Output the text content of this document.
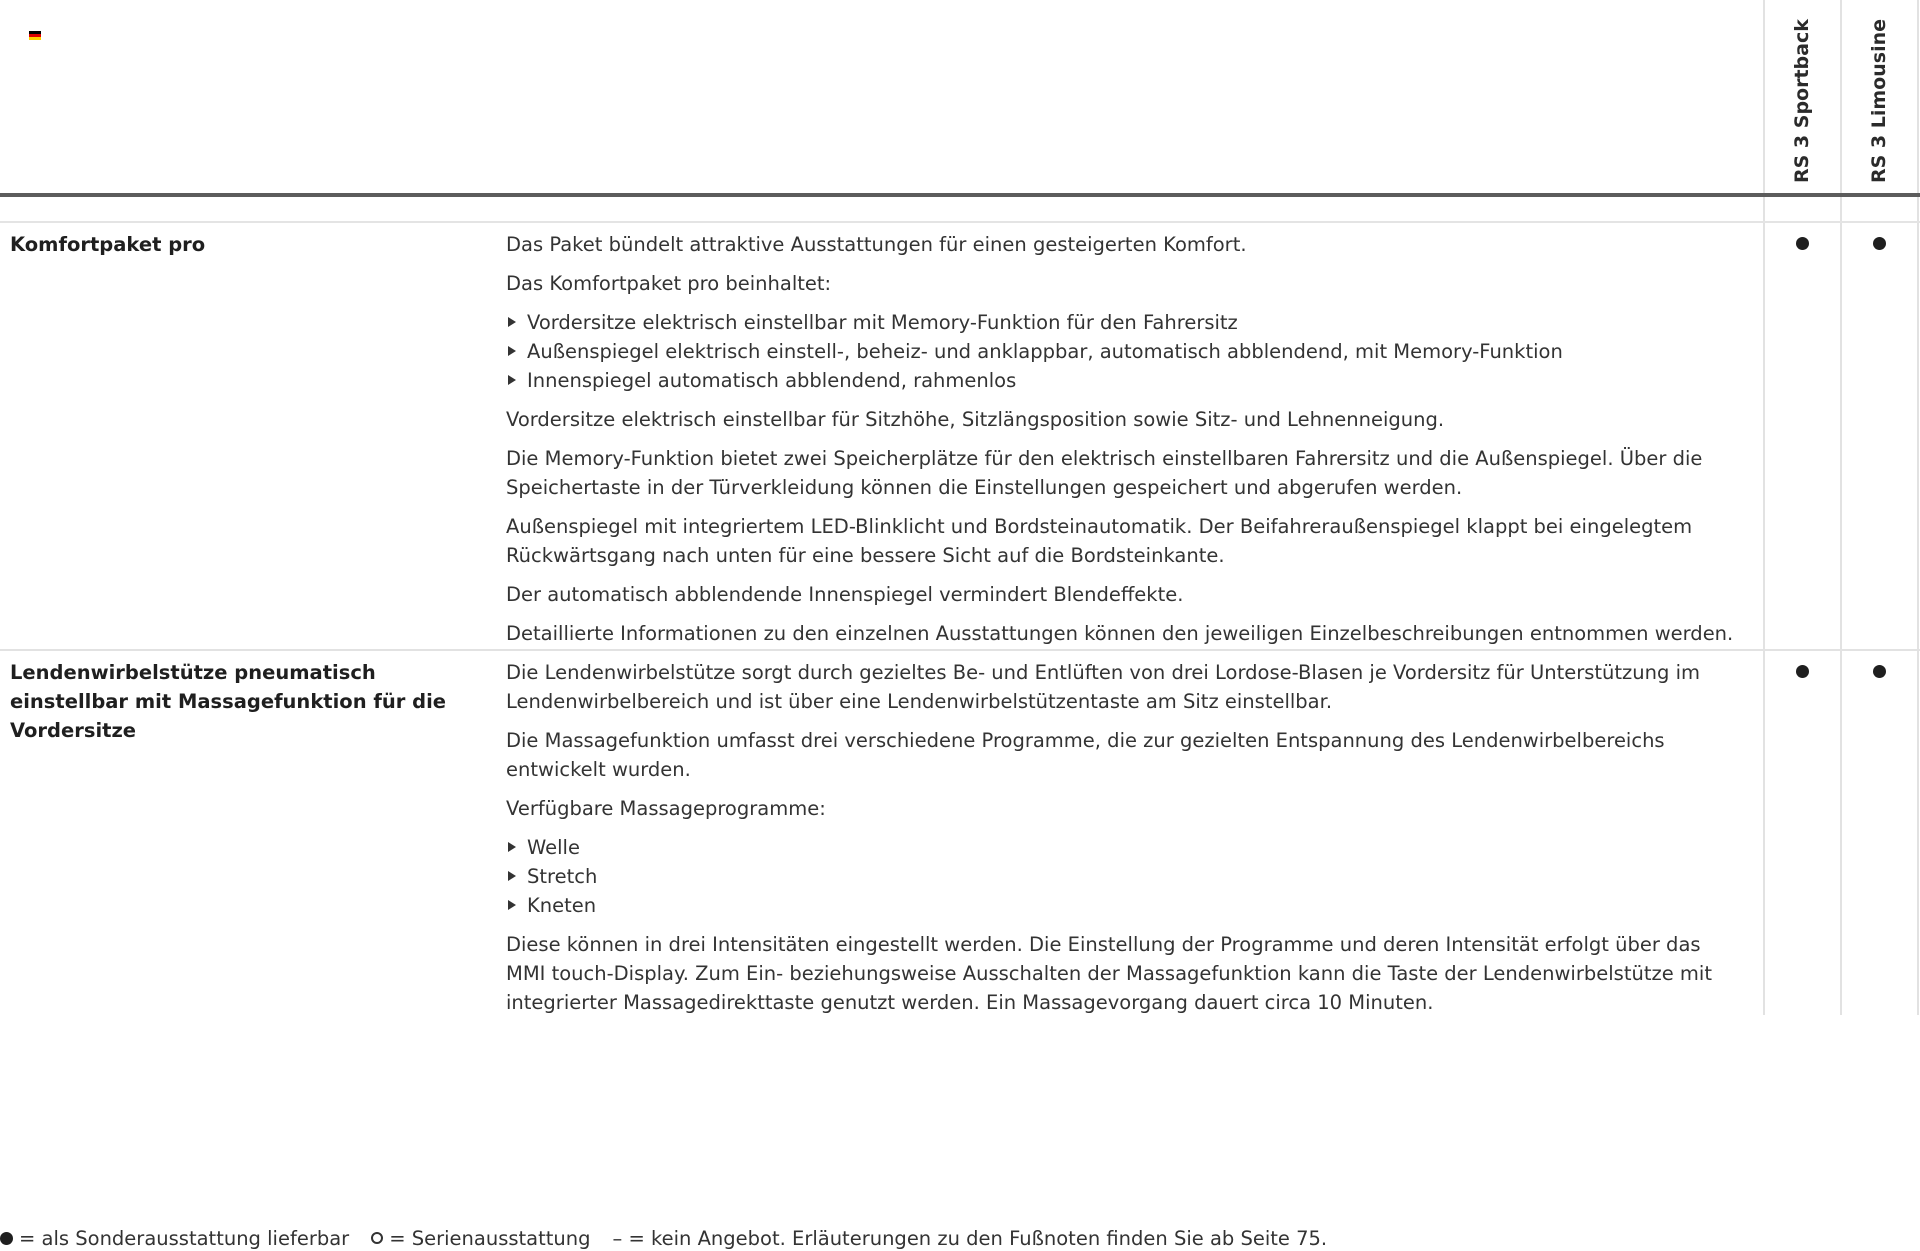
RS 3 Sportback	RS 3 Limousine
Komfortpaket pro	Das Paket bündelt attraktive Ausstattungen für einen gesteigerten Komfort.

Das Komfortpaket pro beinhaltet:

Vordersitze elektrisch einstellbar mit Memory-Funktion für den Fahrersitz
Außenspiegel elektrisch einstell-, beheiz- und anklappbar, automatisch abblendend, mit Memory-Funktion
Innenspiegel automatisch abblendend, rahmenlos

Vordersitze elektrisch einstellbar für Sitzhöhe, Sitzlängsposition sowie Sitz- und Lehnenneigung.

Die Memory-Funktion bietet zwei Speicherplätze für den elektrisch einstellbaren Fahrersitz und die Außenspiegel. Über die Speichertaste in der Türverkleidung können die Einstellungen gespeichert und abgerufen werden.

Außenspiegel mit integriertem LED-Blinklicht und Bordsteinautomatik. Der Beifahreraußenspiegel klappt bei eingelegtem Rückwärtsgang nach unten für eine bessere Sicht auf die Bordsteinkante.

Der automatisch abblendende Innenspiegel vermindert Blendeffekte.

Detaillierte Informationen zu den einzelnen Ausstattungen können den jeweiligen Einzelbeschreibungen entnommen werden.

Lendenwirbelstütze pneumatisch einstellbar mit Massagefunktion für die Vordersitze

Die Lendenwirbelstütze sorgt durch gezieltes Be- und Entlüften von drei Lordose-Blasen je Vordersitz für Unterstützung im Lendenwirbelbereich und ist über eine Lendenwirbelstützentaste am Sitz einstellbar.

Die Massagefunktion umfasst drei verschiedene Programme, die zur gezielten Entspannung des Lendenwirbelbereichs entwickelt wurden.

Verfügbare Massageprogramme:

Welle
Stretch
Kneten

Diese können in drei Intensitäten eingestellt werden. Die Einstellung der Programme und deren Intensität erfolgt über das MMI touch-Display. Zum Ein- beziehungsweise Ausschalten der Massagefunktion kann die Taste der Lendenwirbelstütze mit integrierter Massagedirekttaste genutzt werden. Ein Massagevorgang dauert circa 10 Minuten.

= als Sonderausstattung lieferbar = Serienausstattung – = kein Angebot. Erläuterungen zu den Fußnoten finden Sie ab Seite 75.
